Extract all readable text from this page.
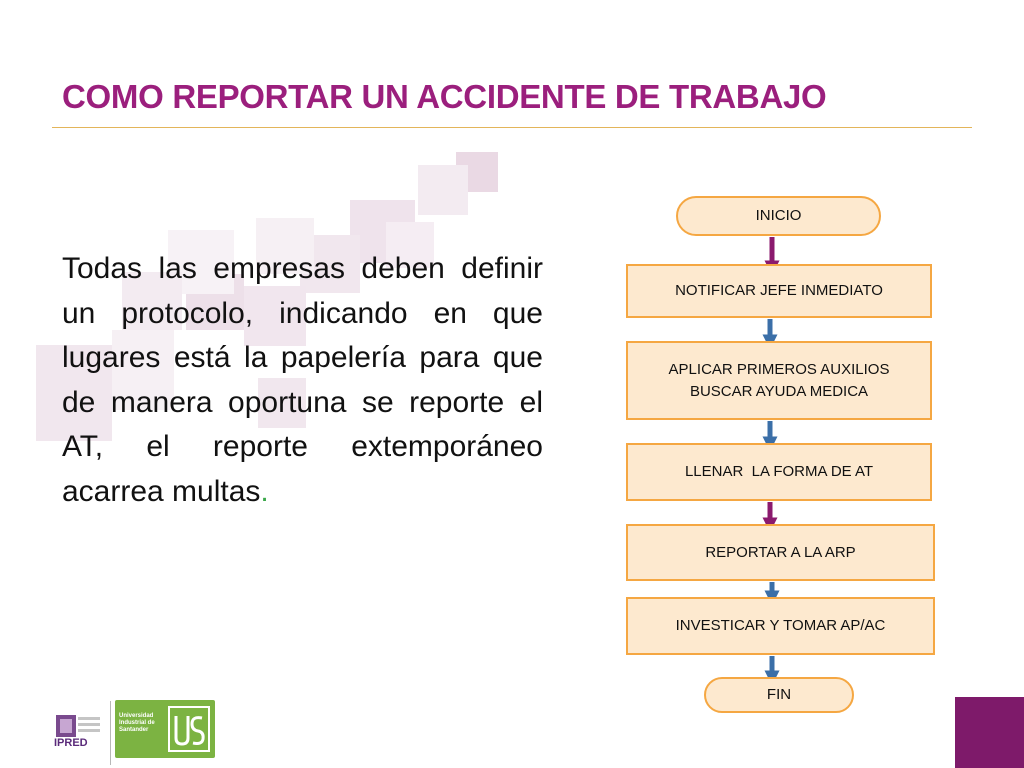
COMO REPORTAR UN ACCIDENTE DE TRABAJO

Todas las empresas deben definir un protocolo, indicando en que lugares está la papelería para que de manera oportuna se reporte el AT, el reporte extemporáneo acarrea multas.

INICIO
NOTIFICAR JEFE INMEDIATO
APLICAR PRIMEROS AUXILIOS
BUSCAR AYUDA MEDICA
LLENAR  LA FORMA DE AT
REPORTAR A LA ARP
INVESTICAR Y TOMAR AP/AC
FIN
IPRED
Universidad Industrial de Santander
